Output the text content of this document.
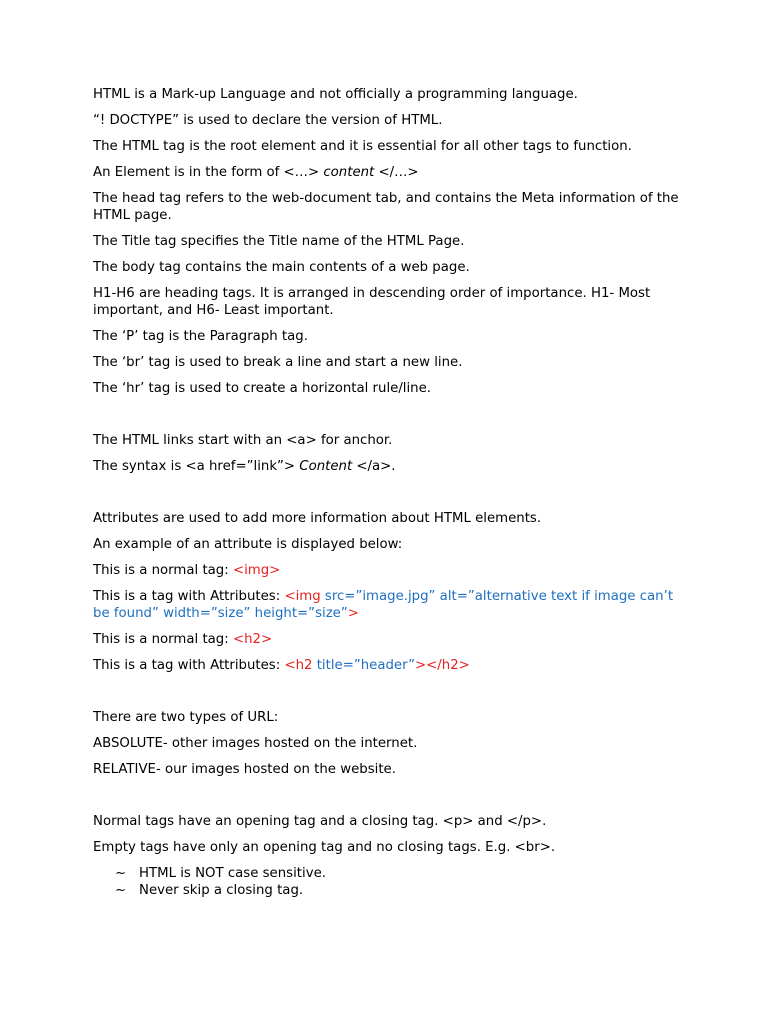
HTML is a Mark-up Language and not officially a programming language.

“! DOCTYPE” is used to declare the version of HTML.

The HTML tag is the root element and it is essential for all other tags to function.

An Element is in the form of <…> content </…>

The head tag refers to the web-document tab, and contains the Meta information of the HTML page.

The Title tag specifies the Title name of the HTML Page.

The body tag contains the main contents of a web page.

H1-H6 are heading tags. It is arranged in descending order of importance. H1- Most important, and H6- Least important.

The ‘P’ tag is the Paragraph tag.

The ‘br’ tag is used to break a line and start a new line.

The ‘hr’ tag is used to create a horizontal rule/line.

The HTML links start with an <a> for anchor.

The syntax is <a href=”link”> Content </a>.

Attributes are used to add more information about HTML elements.

An example of an attribute is displayed below:

This is a normal tag: <img>

This is a tag with Attributes: <img src=”image.jpg” alt=”alternative text if image can’t be found” width=”size” height=”size”>

This is a normal tag: <h2>

This is a tag with Attributes: <h2 title=”header”></h2>

There are two types of URL:

ABSOLUTE- other images hosted on the internet.

RELATIVE- our images hosted on the website.

Normal tags have an opening tag and a closing tag. <p> and </p>.

Empty tags have only an opening tag and no closing tags. E.g. <br>.

~ HTML is NOT case sensitive.
~ Never skip a closing tag.
